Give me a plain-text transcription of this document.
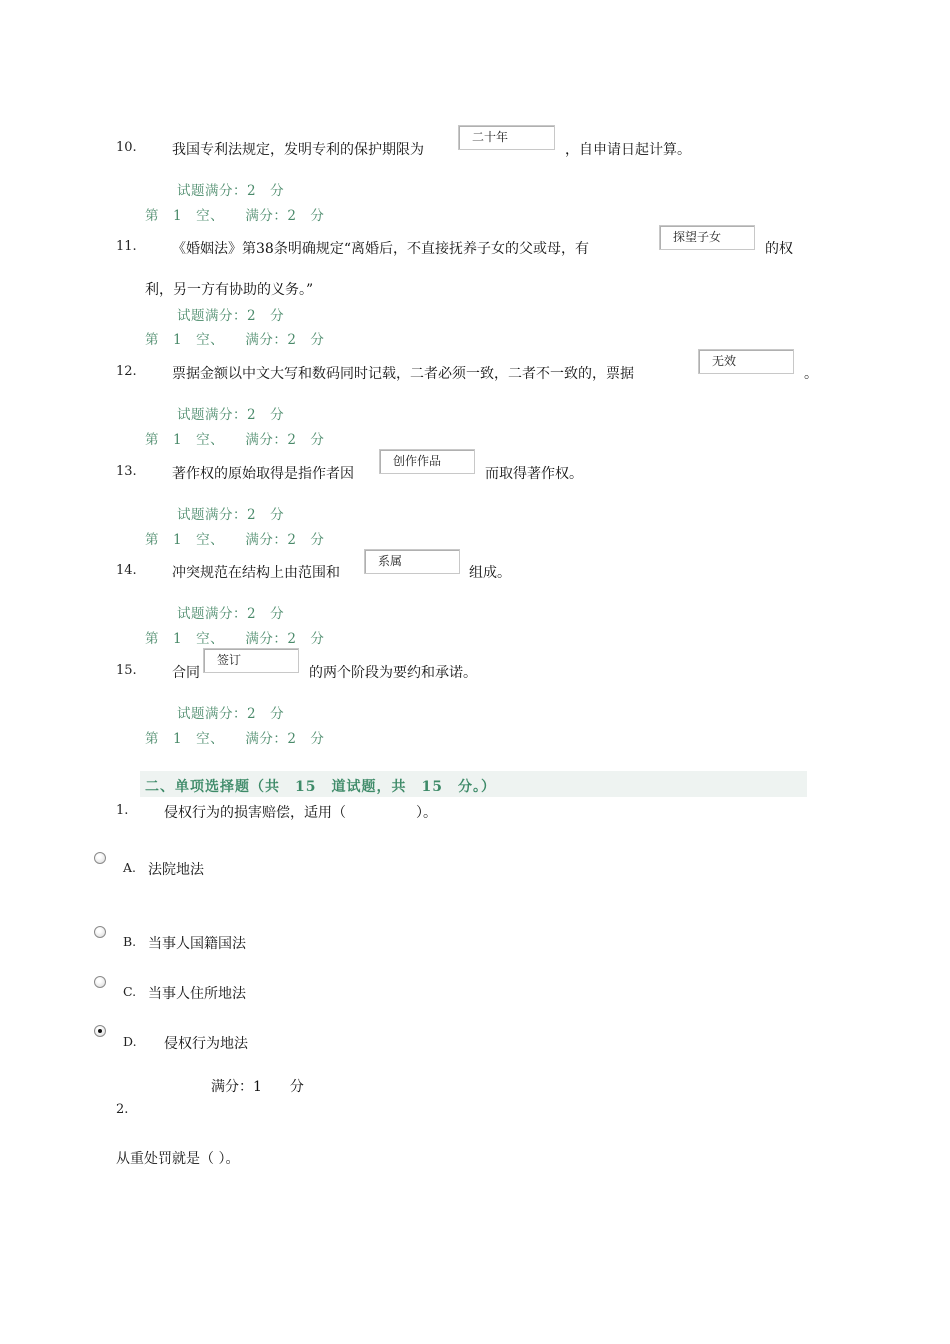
10.	我国专利法规定，发明专利的保护期限为
二十年
，自申请日起计算。
试题满分：2　分
第　1　空、　　满分：2　分
11.	《婚姻法》第38条明确规定“离婚后，不直接抚养子女的父或母，有
探望子女
的权
利，另一方有协助的义务。”
试题满分：2　分
第　1　空、　　满分：2　分
12.	票据金额以中文大写和数码同时记载，二者必须一致，二者不一致的，票据
无效
。
试题满分：2　分
第　1　空、　　满分：2　分
13.	著作权的原始取得是指作者因
创作作品
而取得著作权。
试题满分：2　分
第　1　空、　　满分：2　分
14.	冲突规范在结构上由范围和
系属
组成。
试题满分：2　分
第　1　空、　　满分：2　分
15.	合同
签订
的两个阶段为要约和承诺。
试题满分：2　分
第　1　空、　　满分：2　分
二、单项选择题（共　15　道试题，共　15　分。）
1.	侵权行为的损害赔偿，适用（　　　　　）。
A. 法院地法
B. 当事人国籍国法
C. 当事人住所地法
D. 侵权行为地法
满分：1　　分
2.
从重处罚就是（ ）。
